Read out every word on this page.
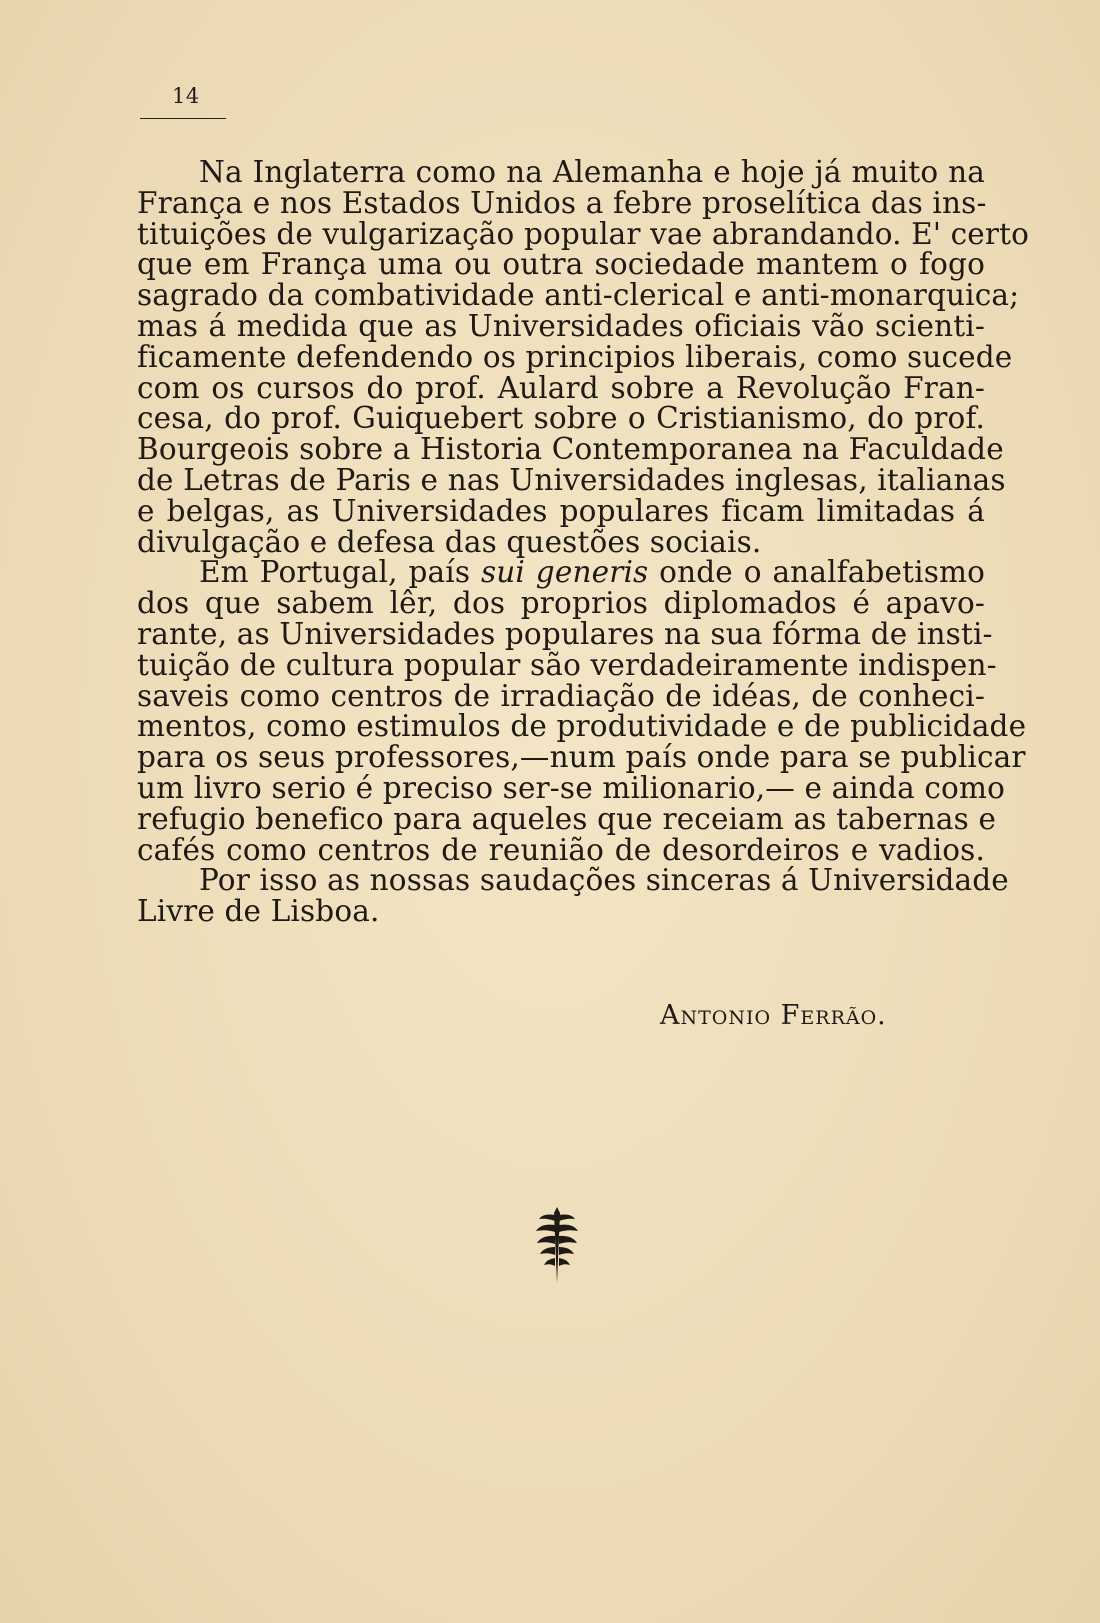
14
Na Inglaterra como na Alemanha e hoje já muito na
França e nos Estados Unidos a febre proselítica das ins-
tituições de vulgarização popular vae abrandando. E' certo
que em França uma ou outra sociedade mantem o fogo
sagrado da combatividade anti-clerical e anti-monarquica;
mas á medida que as Universidades oficiais vão scienti-
ficamente defendendo os principios liberais, como sucede
com os cursos do prof. Aulard sobre a Revolução Fran-
cesa, do prof. Guiquebert sobre o Cristianismo, do prof.
Bourgeois sobre a Historia Contemporanea na Faculdade
de Letras de Paris e nas Universidades inglesas, italianas
e belgas, as Universidades populares ficam limitadas á
divulgação e defesa das questões sociais.
Em Portugal, país sui generis onde o analfabetismo
dos que sabem lêr, dos proprios diplomados é apavo-
rante, as Universidades populares na sua fórma de insti-
tuição de cultura popular são verdadeiramente indispen-
saveis como centros de irradiação de idéas, de conheci-
mentos, como estimulos de produtividade e de publicidade
para os seus professores,—num país onde para se publicar
um livro serio é preciso ser-se milionario,— e ainda como
refugio benefico para aqueles que receiam as tabernas e
cafés como centros de reunião de desordeiros e vadios.
Por isso as nossas saudações sinceras á Universidade
Livre de Lisboa.
Antonio Ferrão.
